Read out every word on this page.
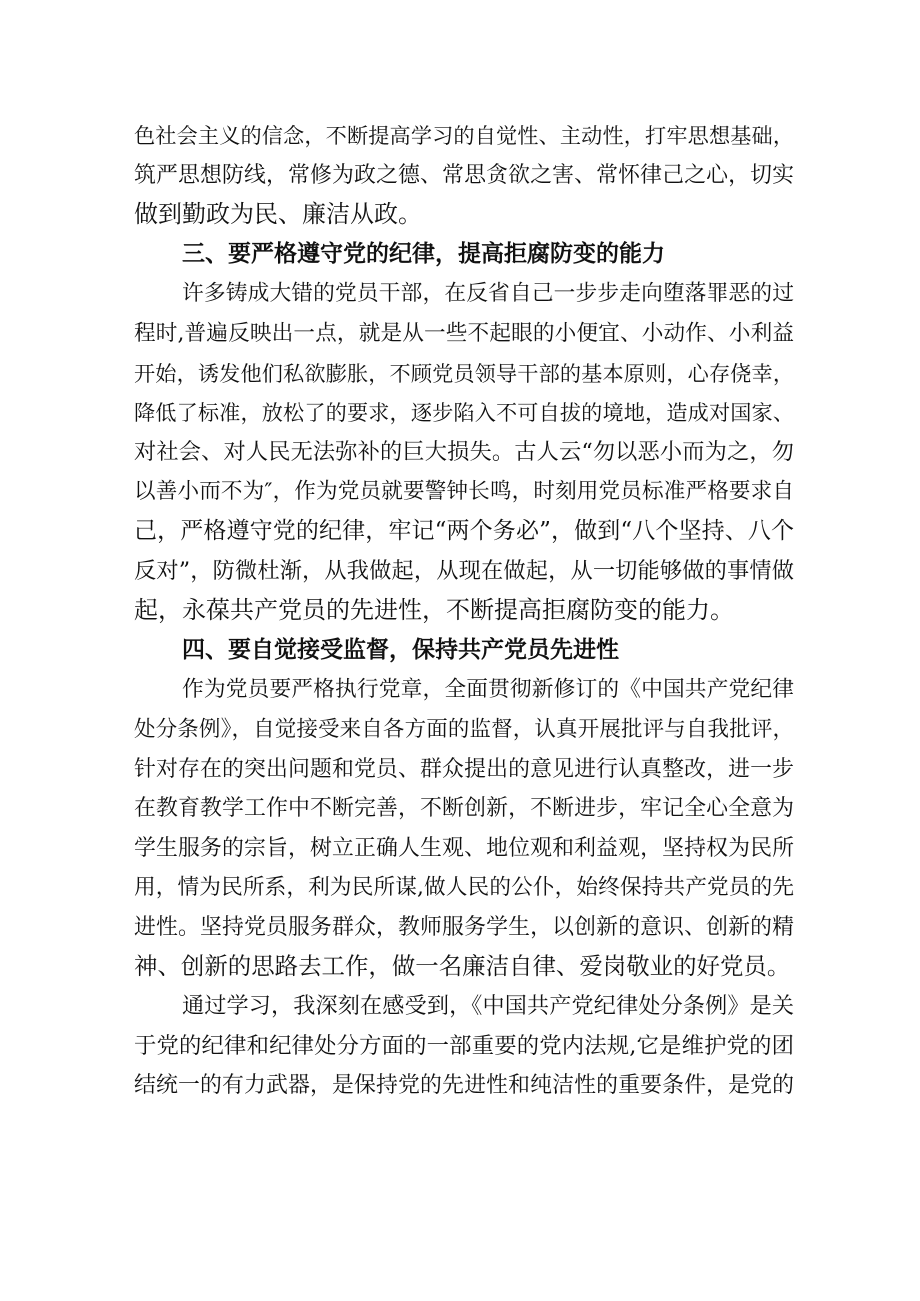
色社会主义的信念，不断提高学习的自觉性、主动性，打牢思想基础，
筑严思想防线，常修为政之德、常思贪欲之害、常怀律己之心，切实
做到勤政为民、廉洁从政。
三、要严格遵守党的纪律，提高拒腐防变的能力
许多铸成大错的党员干部，在反省自己一步步走向堕落罪恶的过
程时,普遍反映出一点，就是从一些不起眼的小便宜、小动作、小利益
开始，诱发他们私欲膨胀，不顾党员领导干部的基本原则，心存侥幸，
降低了标准，放松了的要求，逐步陷入不可自拔的境地，造成对国家、
对社会、对人民无法弥补的巨大损失。古人云“勿以恶小而为之，勿
以善小而不为″，作为党员就要警钟长鸣，时刻用党员标准严格要求自
己，严格遵守党的纪律，牢记“两个务必”，做到“八个坚持、八个
反对”，防微杜渐，从我做起，从现在做起，从一切能够做的事情做
起，永葆共产党员的先进性，不断提高拒腐防变的能力。
四、要自觉接受监督，保持共产党员先进性
作为党员要严格执行党章，全面贯彻新修订的《中国共产党纪律
处分条例》，自觉接受来自各方面的监督，认真开展批评与自我批评，
针对存在的突出问题和党员、群众提出的意见进行认真整改，进一步
在教育教学工作中不断完善，不断创新，不断进步，牢记全心全意为
学生服务的宗旨，树立正确人生观、地位观和利益观，坚持权为民所
用，情为民所系，利为民所谋,做人民的公仆，始终保持共产党员的先
进性。坚持党员服务群众，教师服务学生，以创新的意识、创新的精
神、创新的思路去工作，做一名廉洁自律、爱岗敬业的好党员。
通过学习，我深刻在感受到，《中国共产党纪律处分条例》是关
于党的纪律和纪律处分方面的一部重要的党内法规,它是维护党的团
结统一的有力武器，是保持党的先进性和纯洁性的重要条件，是党的
